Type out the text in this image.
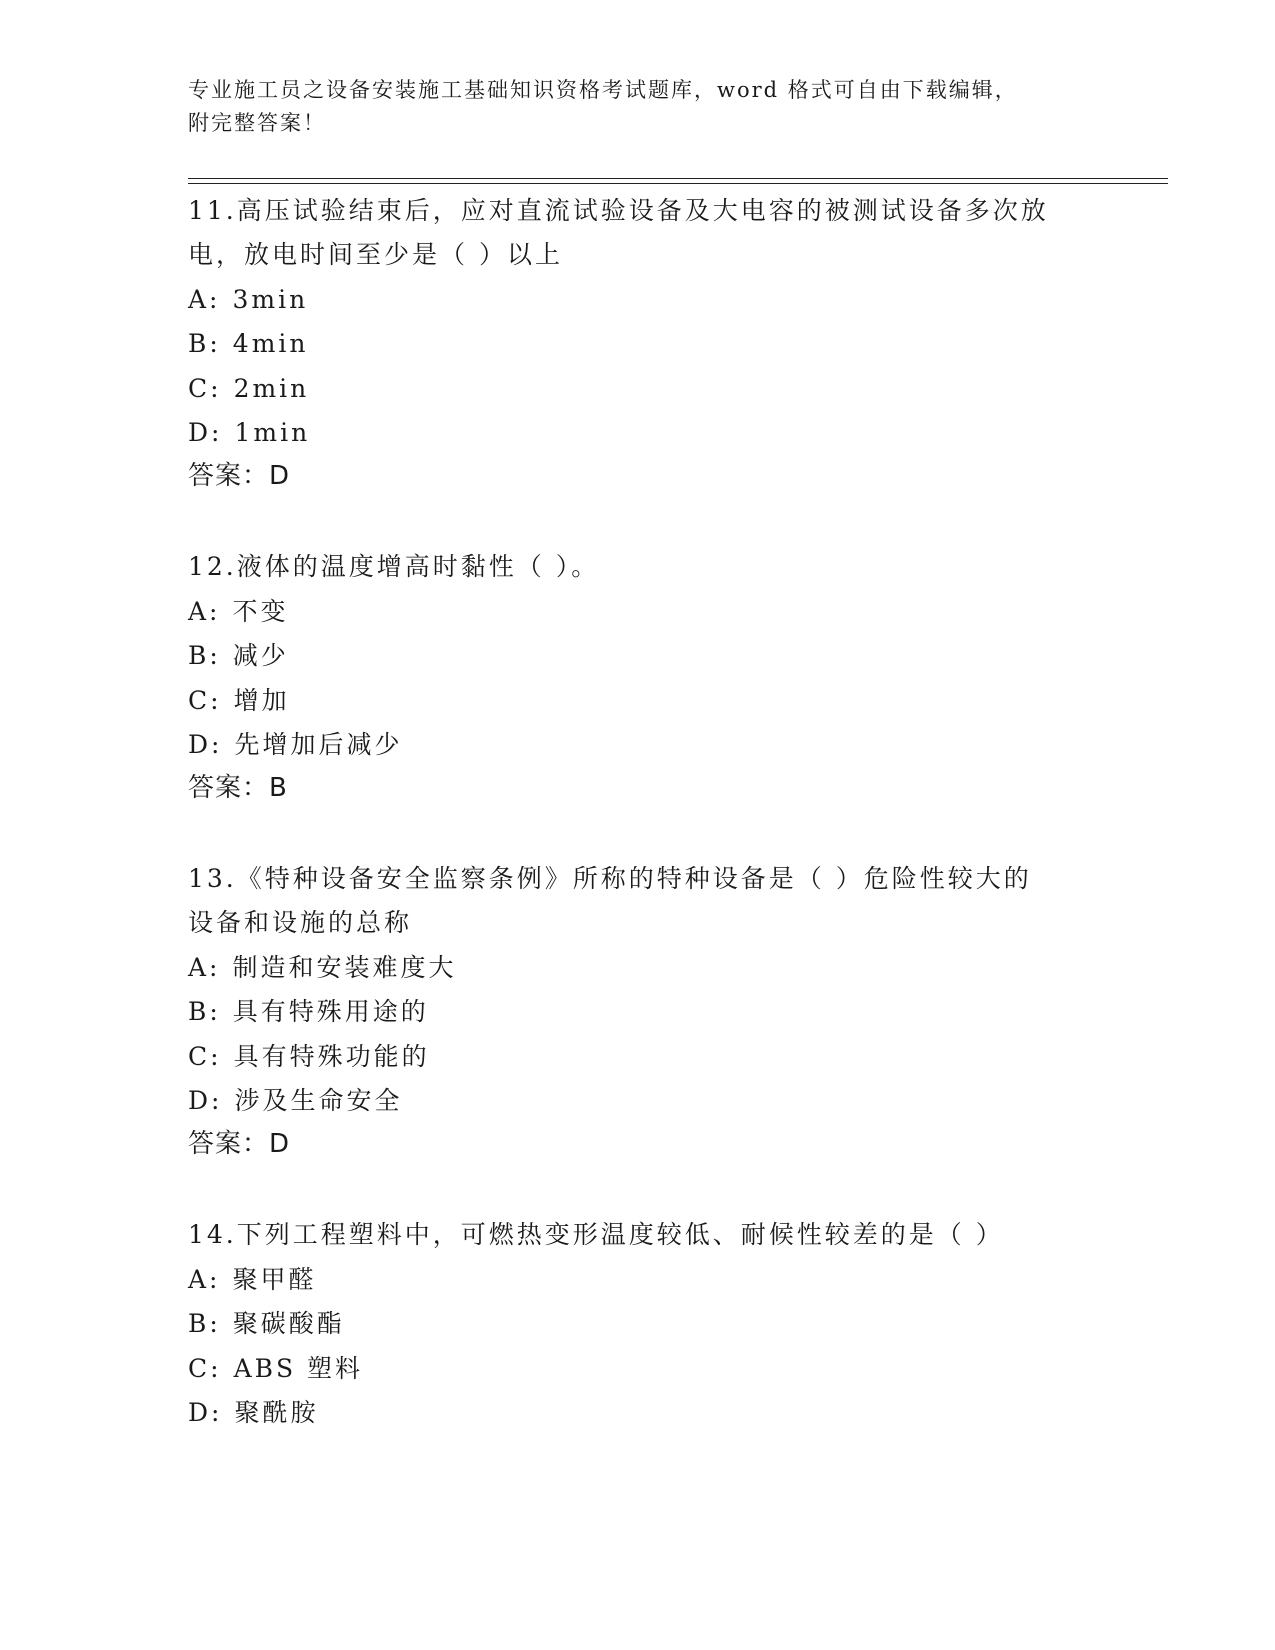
专业施工员之设备安装施工基础知识资格考试题库，word 格式可自由下载编辑，
附完整答案！
11.高压试验结束后，应对直流试验设备及大电容的被测试设备多次放
电，放电时间至少是（ ）以上
A: 3min
B: 4min
C: 2min
D: 1min
答案：D
12.液体的温度增高时黏性（ ）。
A: 不变
B: 减少
C: 增加
D: 先增加后减少
答案：B
13.《特种设备安全监察条例》所称的特种设备是（ ）危险性较大的
设备和设施的总称
A: 制造和安装难度大
B: 具有特殊用途的
C: 具有特殊功能的
D: 涉及生命安全
答案：D
14.下列工程塑料中，可燃热变形温度较低、耐候性较差的是（ ）
A: 聚甲醛
B: 聚碳酸酯
C: ABS 塑料
D: 聚酰胺
